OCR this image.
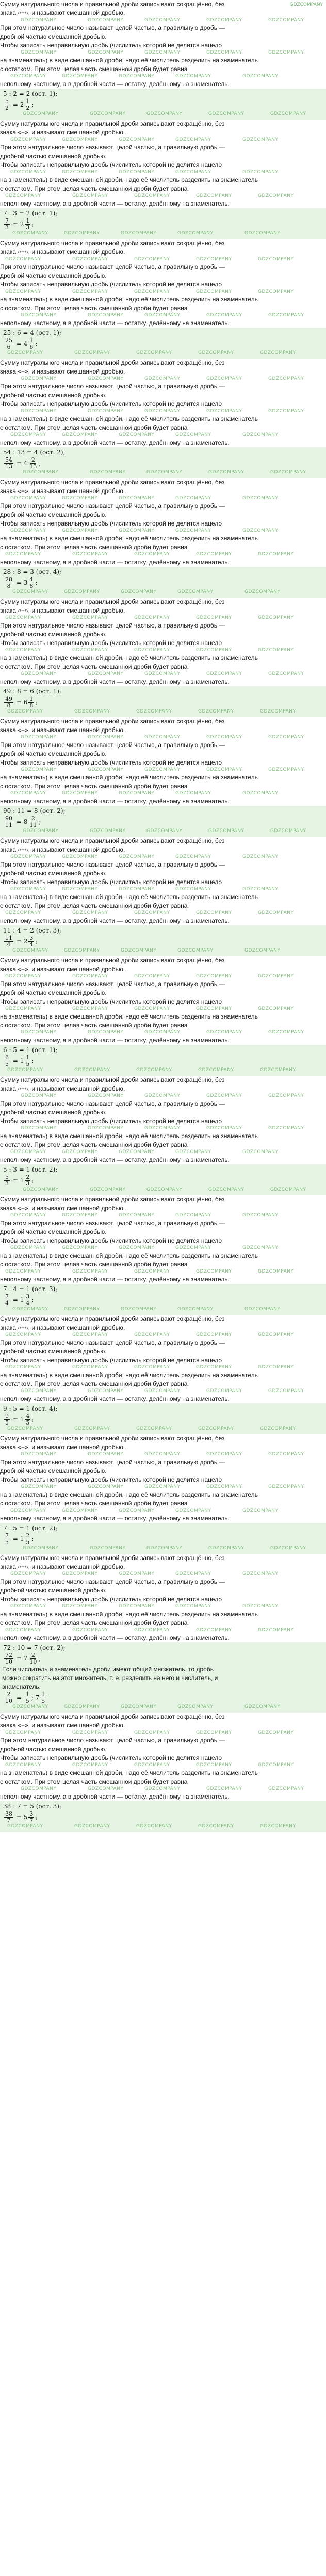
Сумму натурального числа и правильной дроби записывают сокращённо, без
знака «+», и называют смешанной дробью.
GDZCOMPANY	GDZCOMPANY	GDZCOMPANY	GDZCOMPANY	GDZCOMPANY
При этом натуральное число называют целой частью, а правильную дробь —
дробной частью смешанной дробью.
Чтобы записать неправильную дробь (числитель которой не делится нацело
GDZCOMPANY	GDZCOMPANY	GDZCOMPANY	GDZCOMPANY	GDZCOMPANY
на знаменатель) в виде смешанной дроби, надо её числитель разделить на знаменатель
с остатком. При этом целая часть смешанной дроби будет равна
GDZCOMPANY	GDZCOMPANY	GDZCOMPANY	GDZCOMPANY	GDZCOMPANY
неполному частному, а в дробной части — остатку, делённому на знаменатель.
5 : 2 = 2 (ост. 1);
$\frac{5}{2} = 2 \frac{1}{2}$ ;
GDZCOMPANY	GDZCOMPANY	GDZCOMPANY	GDZCOMPANY	GDZCOMPANY
Сумму натурального числа и правильной дроби записывают сокращённо, без
знака «+», и называют смешанной дробью.
GDZCOMPANY	GDZCOMPANY	GDZCOMPANY	GDZCOMPANY	GDZCOMPANY
При этом натуральное число называют целой частью, а правильную дробь —
дробной частью смешанной дробью.
Чтобы записать неправильную дробь (числитель которой не делится нацело
GDZCOMPANY	GDZCOMPANY	GDZCOMPANY	GDZCOMPANY	GDZCOMPANY
на знаменатель) в виде смешанной дроби, надо её числитель разделить на знаменатель
с остатком. При этом целая часть смешанной дроби будет равна
GDZCOMPANY	GDZCOMPANY	GDZCOMPANY	GDZCOMPANY	GDZCOMPANY
неполному частному, а в дробной части — остатку, делённому на знаменатель.
7 : 3 = 2 (ост. 1);
$\frac{7}{3} = 2 \frac{1}{3}$ ;
GDZCOMPANY	GDZCOMPANY	GDZCOMPANY	GDZCOMPANY	GDZCOMPANY
Сумму натурального числа и правильной дроби записывают сокращённо, без
знака «+», и называют смешанной дробью.
GDZCOMPANY	GDZCOMPANY	GDZCOMPANY	GDZCOMPANY	GDZCOMPANY
При этом натуральное число называют целой частью, а правильную дробь —
дробной частью смешанной дробью.
Чтобы записать неправильную дробь (числитель которой не делится нацело
GDZCOMPANY	GDZCOMPANY	GDZCOMPANY	GDZCOMPANY	GDZCOMPANY
на знаменатель) в виде смешанной дроби, надо её числитель разделить на знаменатель
с остатком. При этом целая часть смешанной дроби будет равна
GDZCOMPANY	GDZCOMPANY	GDZCOMPANY	GDZCOMPANY	GDZCOMPANY
неполному частному, а в дробной части — остатку, делённому на знаменатель.
25 : 6 = 4 (ост. 1);
$\frac{25}{6} = 4 \frac{1}{6}$ ;
GDZCOMPANY	GDZCOMPANY	GDZCOMPANY	GDZCOMPANY	GDZCOMPANY
Сумму натурального числа и правильной дроби записывают сокращённо, без
знака «+», и называют смешанной дробью.
GDZCOMPANY	GDZCOMPANY	GDZCOMPANY	GDZCOMPANY	GDZCOMPANY
При этом натуральное число называют целой частью, а правильную дробь —
дробной частью смешанной дробью.
Чтобы записать неправильную дробь (числитель которой не делится нацело
GDZCOMPANY	GDZCOMPANY	GDZCOMPANY	GDZCOMPANY	GDZCOMPANY
на знаменатель) в виде смешанной дроби, надо её числитель разделить на знаменатель
с остатком. При этом целая часть смешанной дроби будет равна
GDZCOMPANY	GDZCOMPANY	GDZCOMPANY	GDZCOMPANY	GDZCOMPANY
неполному частному, а в дробной части — остатку, делённому на знаменатель.
54 : 13 = 4 (ост. 2);
$\frac{54}{13} = 4 \frac{2}{13}$ ;
GDZCOMPANY	GDZCOMPANY	GDZCOMPANY	GDZCOMPANY	GDZCOMPANY
Сумму натурального числа и правильной дроби записывают сокращённо, без
знака «+», и называют смешанной дробью.
GDZCOMPANY	GDZCOMPANY	GDZCOMPANY	GDZCOMPANY	GDZCOMPANY
При этом натуральное число называют целой частью, а правильную дробь —
дробной частью смешанной дробью.
Чтобы записать неправильную дробь (числитель которой не делится нацело
GDZCOMPANY	GDZCOMPANY	GDZCOMPANY	GDZCOMPANY	GDZCOMPANY
на знаменатель) в виде смешанной дроби, надо её числитель разделить на знаменатель
с остатком. При этом целая часть смешанной дроби будет равна
GDZCOMPANY	GDZCOMPANY	GDZCOMPANY	GDZCOMPANY	GDZCOMPANY
неполному частному, а в дробной части — остатку, делённому на знаменатель.
28 : 8 = 3 (ост. 4);
$\frac{28}{8} = 3 \frac{4}{8}$ ;
GDZCOMPANY	GDZCOMPANY	GDZCOMPANY	GDZCOMPANY	GDZCOMPANY
Сумму натурального числа и правильной дроби записывают сокращённо, без
знака «+», и называют смешанной дробью.
GDZCOMPANY	GDZCOMPANY	GDZCOMPANY	GDZCOMPANY	GDZCOMPANY
При этом натуральное число называют целой частью, а правильную дробь —
дробной частью смешанной дробью.
Чтобы записать неправильную дробь (числитель которой не делится нацело
GDZCOMPANY	GDZCOMPANY	GDZCOMPANY	GDZCOMPANY	GDZCOMPANY
на знаменатель) в виде смешанной дроби, надо её числитель разделить на знаменатель
с остатком. При этом целая часть смешанной дроби будет равна
GDZCOMPANY	GDZCOMPANY	GDZCOMPANY	GDZCOMPANY	GDZCOMPANY
неполному частному, а в дробной части — остатку, делённому на знаменатель.
49 : 8 = 6 (ост. 1);
$\frac{49}{8} = 6 \frac{1}{8}$ ;
GDZCOMPANY	GDZCOMPANY	GDZCOMPANY	GDZCOMPANY	GDZCOMPANY
Сумму натурального числа и правильной дроби записывают сокращённо, без
знака «+», и называют смешанной дробью.
GDZCOMPANY	GDZCOMPANY	GDZCOMPANY	GDZCOMPANY	GDZCOMPANY
При этом натуральное число называют целой частью, а правильную дробь —
дробной частью смешанной дробью.
Чтобы записать неправильную дробь (числитель которой не делится нацело
GDZCOMPANY	GDZCOMPANY	GDZCOMPANY	GDZCOMPANY	GDZCOMPANY
на знаменатель) в виде смешанной дроби, надо её числитель разделить на знаменатель
с остатком. При этом целая часть смешанной дроби будет равна
GDZCOMPANY	GDZCOMPANY	GDZCOMPANY	GDZCOMPANY	GDZCOMPANY
неполному частному, а в дробной части — остатку, делённому на знаменатель.
90 : 11 = 8 (ост. 2);
$\frac{90}{11} = 8 \frac{2}{11}$ ;
GDZCOMPANY	GDZCOMPANY	GDZCOMPANY	GDZCOMPANY	GDZCOMPANY
Сумму натурального числа и правильной дроби записывают сокращённо, без
знака «+», и называют смешанной дробью.
GDZCOMPANY	GDZCOMPANY	GDZCOMPANY	GDZCOMPANY	GDZCOMPANY
При этом натуральное число называют целой частью, а правильную дробь —
дробной частью смешанной дробью.
Чтобы записать неправильную дробь (числитель которой не делится нацело
GDZCOMPANY	GDZCOMPANY	GDZCOMPANY	GDZCOMPANY	GDZCOMPANY
на знаменатель) в виде смешанной дроби, надо её числитель разделить на знаменатель
с остатком. При этом целая часть смешанной дроби будет равна
GDZCOMPANY	GDZCOMPANY	GDZCOMPANY	GDZCOMPANY	GDZCOMPANY
неполному частному, а в дробной части — остатку, делённому на знаменатель.
11 : 4 = 2 (ост. 3);
$\frac{11}{4} = 2 \frac{3}{4}$ ;
GDZCOMPANY	GDZCOMPANY	GDZCOMPANY	GDZCOMPANY	GDZCOMPANY
Сумму натурального числа и правильной дроби записывают сокращённо, без
знака «+», и называют смешанной дробью.
GDZCOMPANY	GDZCOMPANY	GDZCOMPANY	GDZCOMPANY	GDZCOMPANY
При этом натуральное число называют целой частью, а правильную дробь —
дробной частью смешанной дробью.
Чтобы записать неправильную дробь (числитель которой не делится нацело
GDZCOMPANY	GDZCOMPANY	GDZCOMPANY	GDZCOMPANY	GDZCOMPANY
на знаменатель) в виде смешанной дроби, надо её числитель разделить на знаменатель
с остатком. При этом целая часть смешанной дроби будет равна
GDZCOMPANY	GDZCOMPANY	GDZCOMPANY	GDZCOMPANY	GDZCOMPANY
неполному частному, а в дробной части — остатку, делённому на знаменатель.
6 : 5 = 1 (ост. 1);
$\frac{6}{5} = 1 \frac{1}{5}$ ;
GDZCOMPANY	GDZCOMPANY	GDZCOMPANY	GDZCOMPANY	GDZCOMPANY
Сумму натурального числа и правильной дроби записывают сокращённо, без
знака «+», и называют смешанной дробью.
GDZCOMPANY	GDZCOMPANY	GDZCOMPANY	GDZCOMPANY	GDZCOMPANY
При этом натуральное число называют целой частью, а правильную дробь —
дробной частью смешанной дробью.
Чтобы записать неправильную дробь (числитель которой не делится нацело
GDZCOMPANY	GDZCOMPANY	GDZCOMPANY	GDZCOMPANY	GDZCOMPANY
на знаменатель) в виде смешанной дроби, надо её числитель разделить на знаменатель
с остатком. При этом целая часть смешанной дроби будет равна
GDZCOMPANY	GDZCOMPANY	GDZCOMPANY	GDZCOMPANY	GDZCOMPANY
неполному частному, а в дробной части — остатку, делённому на знаменатель.
5 : 3 = 1 (ост. 2);
$\frac{5}{3} = 1 \frac{2}{3}$ ;
GDZCOMPANY	GDZCOMPANY	GDZCOMPANY	GDZCOMPANY	GDZCOMPANY
Сумму натурального числа и правильной дроби записывают сокращённо, без
знака «+», и называют смешанной дробью.
GDZCOMPANY	GDZCOMPANY	GDZCOMPANY	GDZCOMPANY	GDZCOMPANY
При этом натуральное число называют целой частью, а правильную дробь —
дробной частью смешанной дробью.
Чтобы записать неправильную дробь (числитель которой не делится нацело
GDZCOMPANY	GDZCOMPANY	GDZCOMPANY	GDZCOMPANY	GDZCOMPANY
на знаменатель) в виде смешанной дроби, надо её числитель разделить на знаменатель
с остатком. При этом целая часть смешанной дроби будет равна
GDZCOMPANY	GDZCOMPANY	GDZCOMPANY	GDZCOMPANY	GDZCOMPANY
неполному частному, а в дробной части — остатку, делённому на знаменатель.
7 : 4 = 1 (ост. 3);
$\frac{7}{4} = 1 \frac{3}{4}$ ;
GDZCOMPANY	GDZCOMPANY	GDZCOMPANY	GDZCOMPANY	GDZCOMPANY
Сумму натурального числа и правильной дроби записывают сокращённо, без
знака «+», и называют смешанной дробью.
GDZCOMPANY	GDZCOMPANY	GDZCOMPANY	GDZCOMPANY	GDZCOMPANY
При этом натуральное число называют целой частью, а правильную дробь —
дробной частью смешанной дробью.
Чтобы записать неправильную дробь (числитель которой не делится нацело
GDZCOMPANY	GDZCOMPANY	GDZCOMPANY	GDZCOMPANY	GDZCOMPANY
на знаменатель) в виде смешанной дроби, надо её числитель разделить на знаменатель
с остатком. При этом целая часть смешанной дроби будет равна
GDZCOMPANY	GDZCOMPANY	GDZCOMPANY	GDZCOMPANY	GDZCOMPANY
неполному частному, а в дробной части — остатку, делённому на знаменатель.
9 : 5 = 1 (ост. 4);
$\frac{9}{5} = 1 \frac{4}{5}$ ;
GDZCOMPANY	GDZCOMPANY	GDZCOMPANY	GDZCOMPANY	GDZCOMPANY
Сумму натурального числа и правильной дроби записывают сокращённо, без
знака «+», и называют смешанной дробью.
GDZCOMPANY	GDZCOMPANY	GDZCOMPANY	GDZCOMPANY	GDZCOMPANY
При этом натуральное число называют целой частью, а правильную дробь —
дробной частью смешанной дробью.
Чтобы записать неправильную дробь (числитель которой не делится нацело
GDZCOMPANY	GDZCOMPANY	GDZCOMPANY	GDZCOMPANY	GDZCOMPANY
на знаменатель) в виде смешанной дроби, надо её числитель разделить на знаменатель
с остатком. При этом целая часть смешанной дроби будет равна
GDZCOMPANY	GDZCOMPANY	GDZCOMPANY	GDZCOMPANY	GDZCOMPANY
неполному частному, а в дробной части — остатку, делённому на знаменатель.
7 : 5 = 1 (ост. 2);
$\frac{7}{5} = 1 \frac{2}{5}$ ;
GDZCOMPANY	GDZCOMPANY	GDZCOMPANY	GDZCOMPANY	GDZCOMPANY
Сумму натурального числа и правильной дроби записывают сокращённо, без
знака «+», и называют смешанной дробью.
GDZCOMPANY	GDZCOMPANY	GDZCOMPANY	GDZCOMPANY	GDZCOMPANY
При этом натуральное число называют целой частью, а правильную дробь —
дробной частью смешанной дробью.
Чтобы записать неправильную дробь (числитель которой не делится нацело
GDZCOMPANY	GDZCOMPANY	GDZCOMPANY	GDZCOMPANY	GDZCOMPANY
на знаменатель) в виде смешанной дроби, надо её числитель разделить на знаменатель
с остатком. При этом целая часть смешанной дроби будет равна
GDZCOMPANY	GDZCOMPANY	GDZCOMPANY	GDZCOMPANY	GDZCOMPANY
неполному частному, а в дробной части — остатку, делённому на знаменатель.
72 : 10 = 7 (ост. 2);
$\frac{72}{10} = 7 \frac{2}{10}$ ;
Если числитель и знаменатель дроби имеют общий множитель, то дробь
можно сократить на этот множитель, т. е. разделить на него и числитель, и
знаменатель.
$\frac{2}{10} = \frac{1}{5}$ ; $7 \frac{1}{5}$
GDZCOMPANY	GDZCOMPANY	GDZCOMPANY	GDZCOMPANY	GDZCOMPANY
Сумму натурального числа и правильной дроби записывают сокращённо, без
знака «+», и называют смешанной дробью.
GDZCOMPANY	GDZCOMPANY	GDZCOMPANY	GDZCOMPANY	GDZCOMPANY
При этом натуральное число называют целой частью, а правильную дробь —
дробной частью смешанной дробью.
Чтобы записать неправильную дробь (числитель которой не делится нацело
GDZCOMPANY	GDZCOMPANY	GDZCOMPANY	GDZCOMPANY	GDZCOMPANY
на знаменатель) в виде смешанной дроби, надо её числитель разделить на знаменатель
с остатком. При этом целая часть смешанной дроби будет равна
GDZCOMPANY	GDZCOMPANY	GDZCOMPANY	GDZCOMPANY	GDZCOMPANY
неполному частному, а в дробной части — остатку, делённому на знаменатель.
38 : 7 = 5 (ост. 3);
$\frac{38}{7} = 5 \frac{3}{7}$ ;
GDZCOMPANY	GDZCOMPANY	GDZCOMPANY	GDZCOMPANY	GDZCOMPANY
GDZCOMPANY
